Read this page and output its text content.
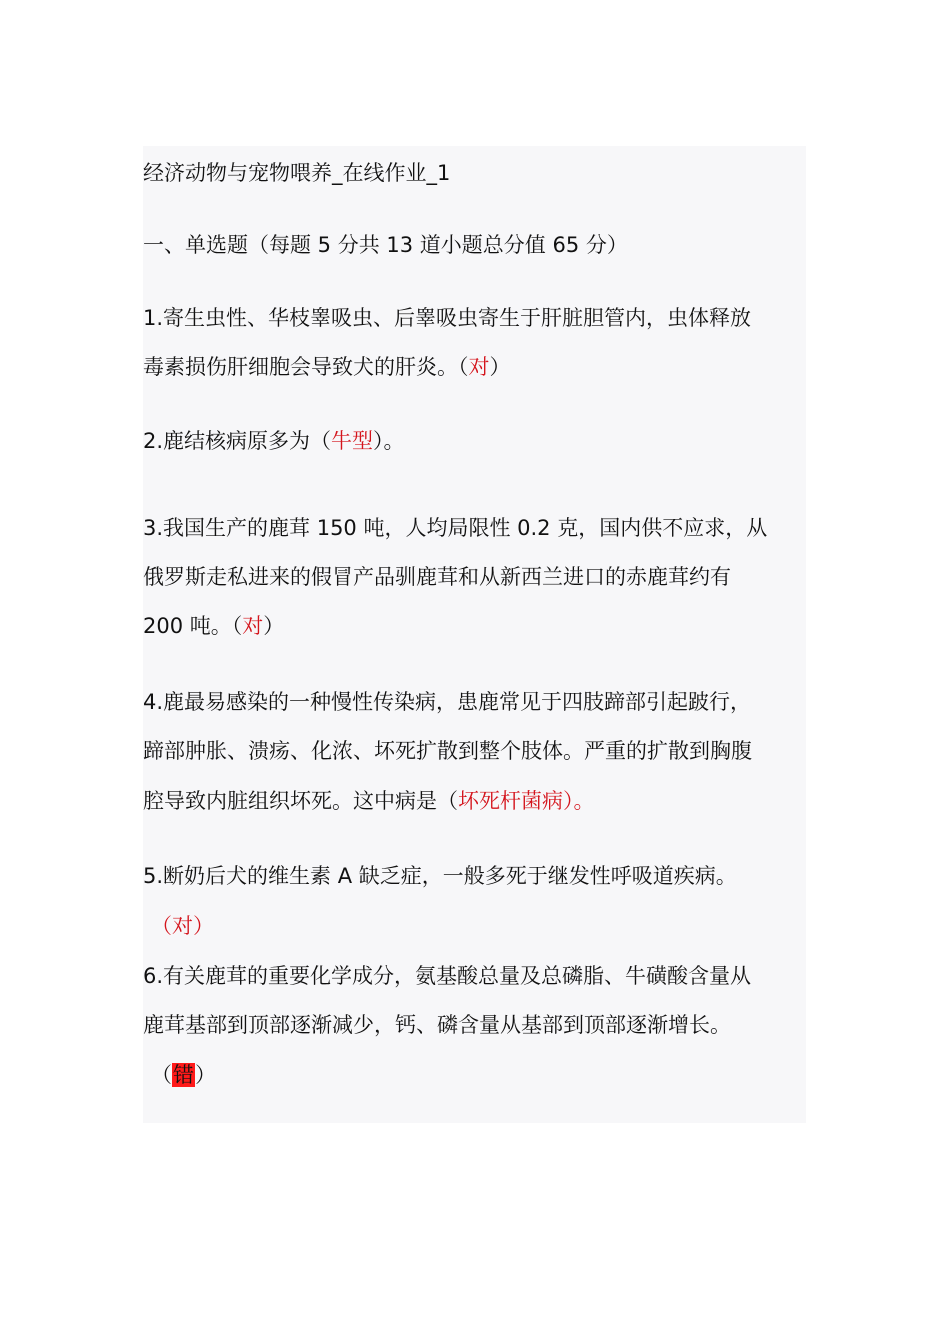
经济动物与宠物喂养_在线作业_1
一、单选题（每题 5 分共 13 道小题总分值 65 分）
1.寄生虫性、华枝睾吸虫、后睾吸虫寄生于肝脏胆管内，虫体释放
毒素损伤肝细胞会导致犬的肝炎。（对）
2.鹿结核病原多为（牛型）。
3.我国生产的鹿茸 150 吨，人均局限性 0.2 克，国内供不应求，从
俄罗斯走私进来的假冒产品驯鹿茸和从新西兰进口的赤鹿茸约有
200 吨。（对）
4.鹿最易感染的一种慢性传染病，患鹿常见于四肢蹄部引起跛行，
蹄部肿胀、溃疡、化浓、坏死扩散到整个肢体。严重的扩散到胸腹
腔导致内脏组织坏死。这中病是（坏死杆菌病）。
5.断奶后犬的维生素 A 缺乏症，一般多死于继发性呼吸道疾病。
（对）
6.有关鹿茸的重要化学成分，氨基酸总量及总磷脂、牛磺酸含量从
鹿茸基部到顶部逐渐减少，钙、磷含量从基部到顶部逐渐增长。
（错）
